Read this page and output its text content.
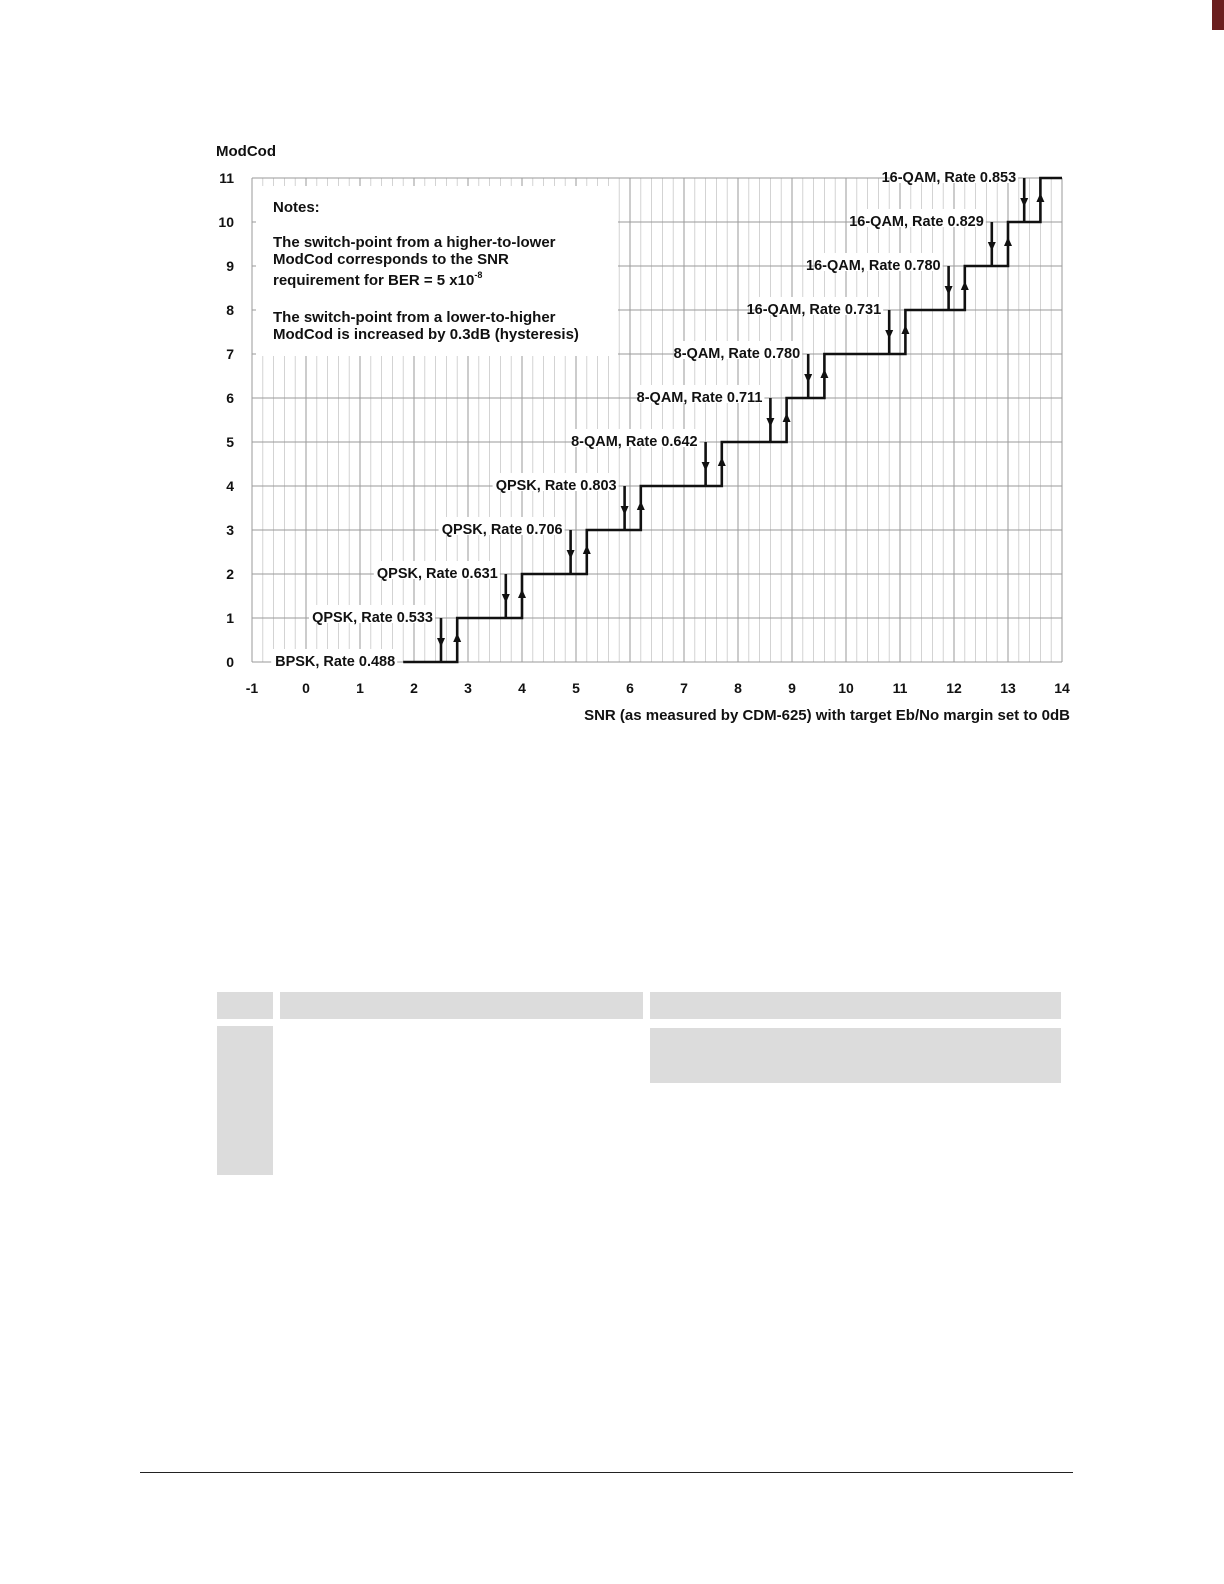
-1	0	1	2	3	4	5	6	7	8	9	10	11	12	13	14
0
1
2
3
4
5
6
7
8
9
10
11
BPSK, Rate 0.488
QPSK, Rate 0.533
QPSK, Rate 0.631
QPSK, Rate 0.706
QPSK, Rate 0.803
8-QAM, Rate 0.642
8-QAM, Rate 0.711
8-QAM, Rate 0.780
16-QAM, Rate 0.731
16-QAM, Rate 0.780
16-QAM, Rate 0.829
16-QAM, Rate 0.853
ModCod
SNR (as measured by CDM-625) with target Eb/No margin set to 0dB
Notes:
The switch-point from a higher-to-lower
ModCod corresponds to the SNR
requirement for BER = 5 $x10^{-8}$
The switch-point from a lower-to-higher
ModCod is increased by 0.3dB (hysteresis)
